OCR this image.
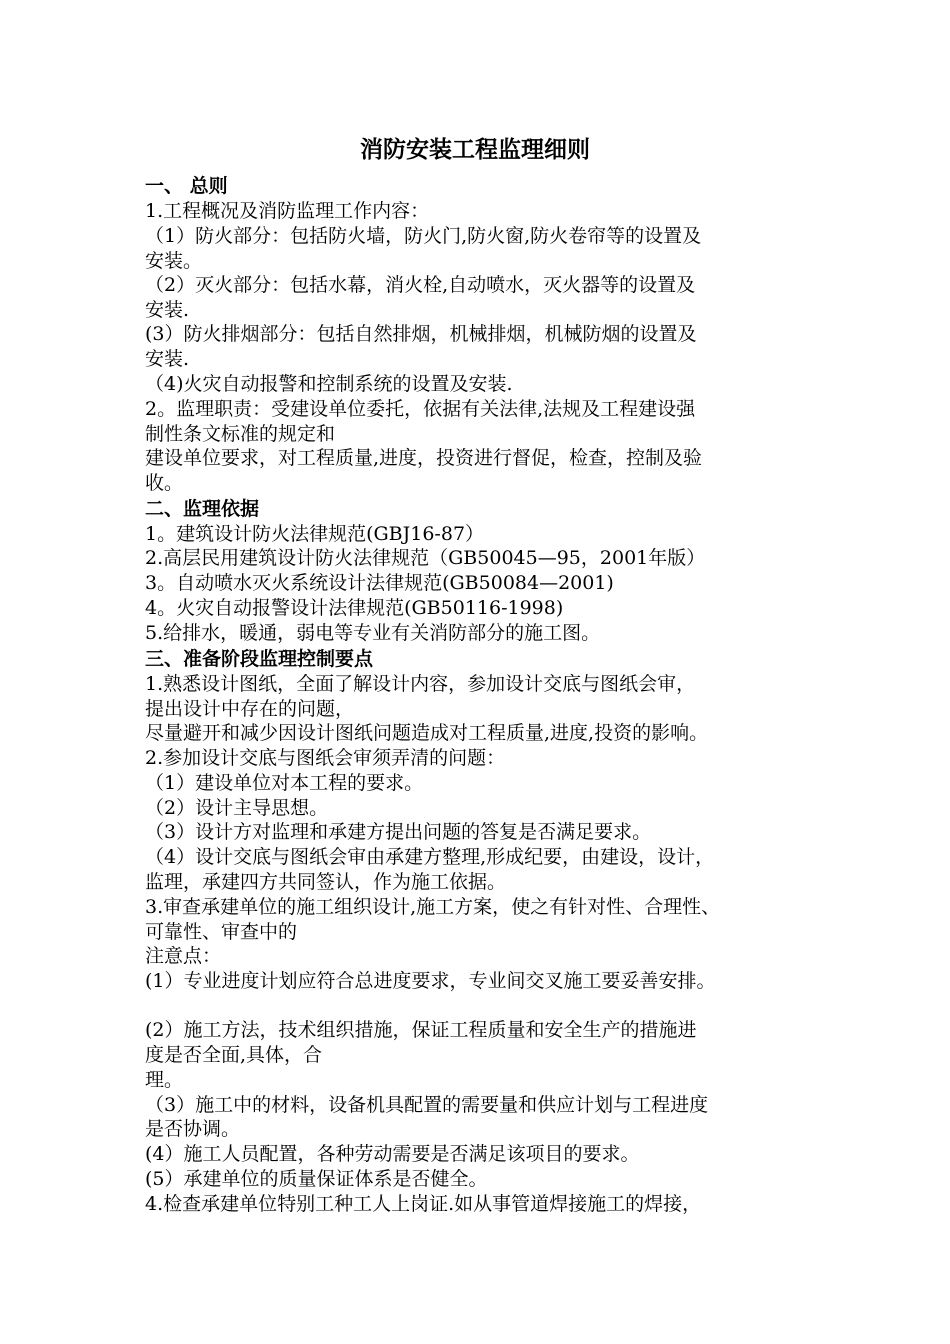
消防安装工程监理细则
一、 总则
1.工程概况及消防监理工作内容：
（1）防火部分：包括防火墙，防火门,防火窗,防火卷帘等的设置及
安装。
（2）灭火部分：包括水幕，消火栓,自动喷水，灭火器等的设置及
安装.
(3）防火排烟部分：包括自然排烟，机械排烟，机械防烟的设置及
安装.
（4)火灾自动报警和控制系统的设置及安装.
2。监理职责：受建设单位委托，依据有关法律,法规及工程建设强
制性条文标准的规定和
建设单位要求，对工程质量,进度，投资进行督促，检查，控制及验
收。
二、监理依据
1。建筑设计防火法律规范(GBJ16-87）
2.高层民用建筑设计防火法律规范（GB50045—95，2001年版）
3。自动喷水灭火系统设计法律规范(GB50084—2001)
4。火灾自动报警设计法律规范(GB50116-1998)
5.给排水，暖通，弱电等专业有关消防部分的施工图。
三、准备阶段监理控制要点
1.熟悉设计图纸，全面了解设计内容，参加设计交底与图纸会审，
提出设计中存在的问题，
尽量避开和减少因设计图纸问题造成对工程质量,进度,投资的影响。
2.参加设计交底与图纸会审须弄清的问题：
（1）建设单位对本工程的要求。
（2）设计主导思想。
（3）设计方对监理和承建方提出问题的答复是否满足要求。
（4）设计交底与图纸会审由承建方整理,形成纪要，由建设，设计，
监理，承建四方共同签认，作为施工依据。
3.审查承建单位的施工组织设计,施工方案，使之有针对性、合理性、
可靠性、审查中的
注意点：
(1）专业进度计划应符合总进度要求，专业间交叉施工要妥善安排。
(2）施工方法，技术组织措施，保证工程质量和安全生产的措施进
度是否全面,具体，合
理。
（3）施工中的材料，设备机具配置的需要量和供应计划与工程进度
是否协调。
(4）施工人员配置，各种劳动需要是否满足该项目的要求。
(5）承建单位的质量保证体系是否健全。
4.检查承建单位特别工种工人上岗证.如从事管道焊接施工的焊接，
